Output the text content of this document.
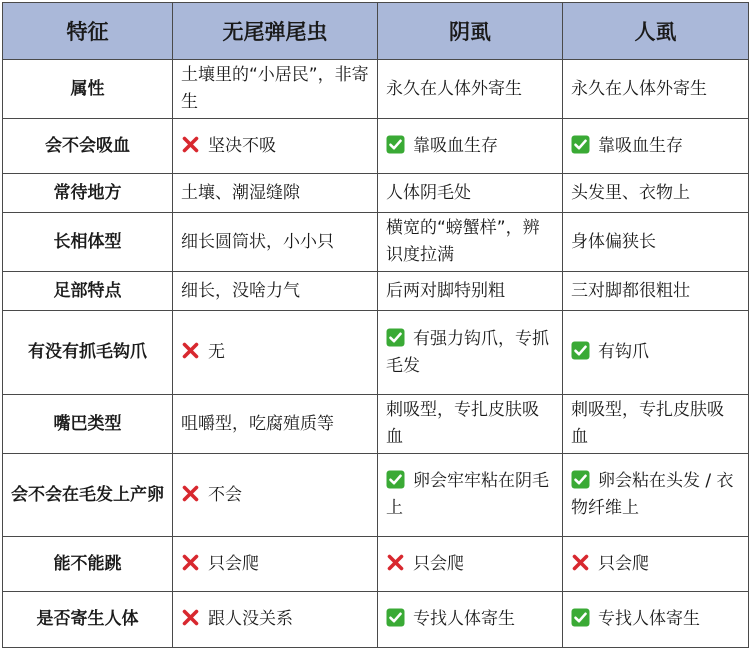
特征	无尾弹尾虫	阴虱	人虱
属性	土壤里的“小居民”，非寄生	永久在人体外寄生	永久在人体外寄生
会不会吸血	坚决不吸	靠吸血生存	靠吸血生存
常待地方	土壤、潮湿缝隙	人体阴毛处	头发里、衣物上
长相体型	细长圆筒状，小小只	横宽的“螃蟹样”，辨识度拉满	身体偏狭长
足部特点	细长，没啥力气	后两对脚特别粗	三对脚都很粗壮
有没有抓毛钩爪	无	有强力钩爪，专抓毛发	有钩爪
嘴巴类型	咀嚼型，吃腐殖质等	刺吸型，专扎皮肤吸血	刺吸型，专扎皮肤吸血
会不会在毛发上产卵	不会	卵会牢牢粘在阴毛上	卵会粘在头发 / 衣物纤维上
能不能跳	只会爬	只会爬	只会爬
是否寄生人体	跟人没关系	专找人体寄生	专找人体寄生
